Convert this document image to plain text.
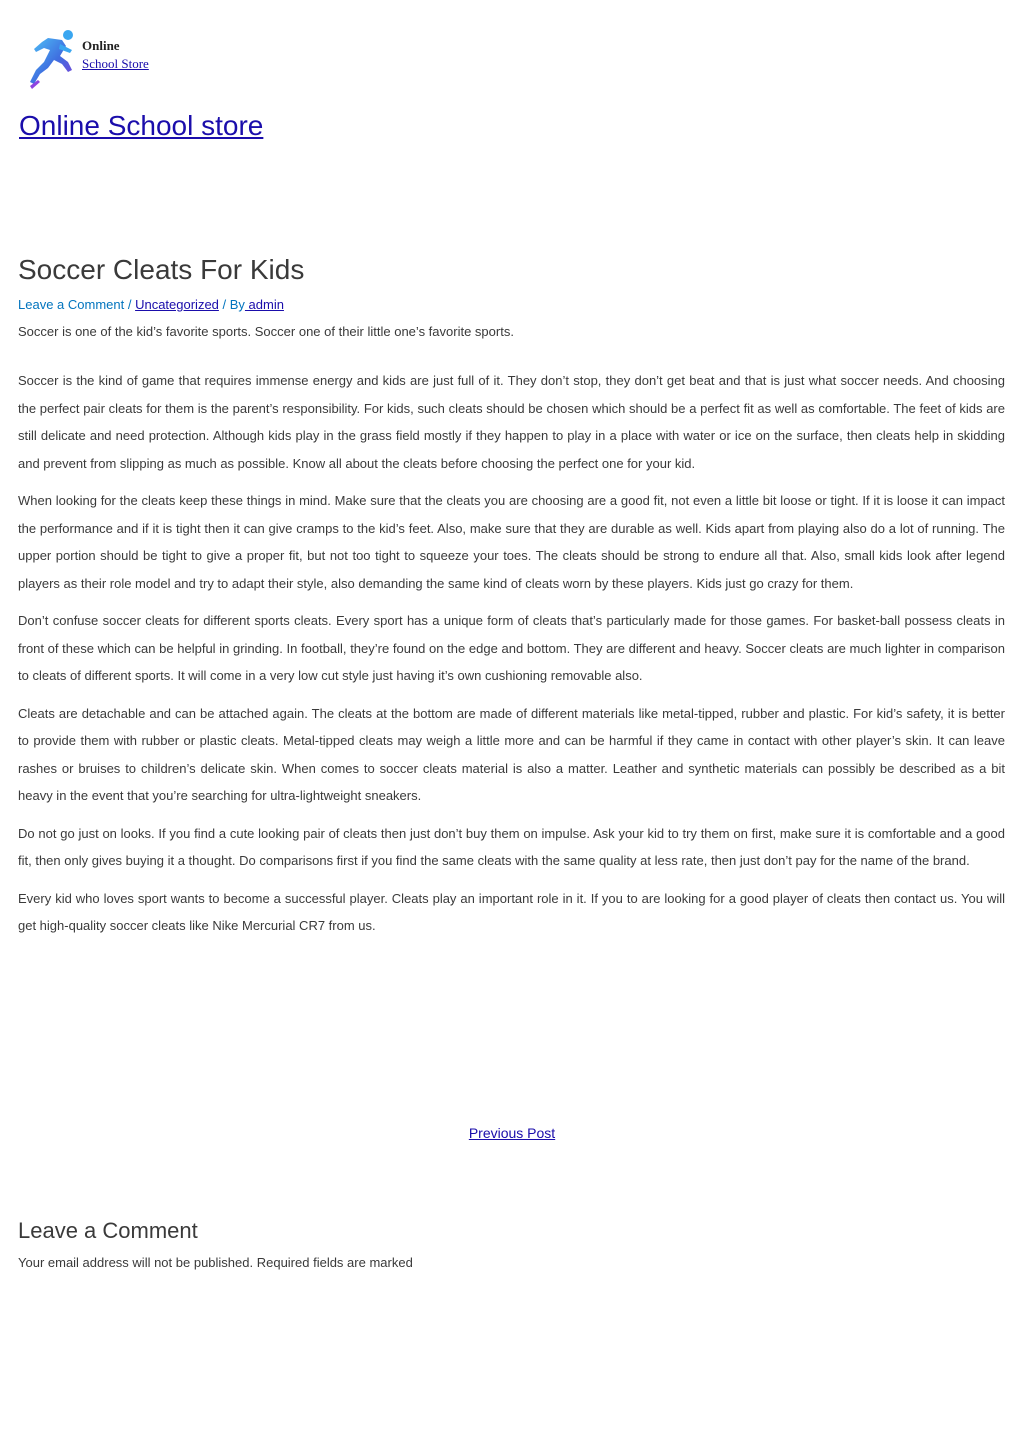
Online
School Store
Online School store
Soccer Cleats For Kids
Leave a Comment / Uncategorized / By admin

Soccer is one of the kid’s favorite sports. Soccer one of their little one’s favorite sports.

Soccer is the kind of game that requires immense energy and kids are just full of it. They don’t stop, they don’t get beat and that is just what soccer needs. And choosing the perfect pair cleats for them is the parent’s responsibility. For kids, such cleats should be chosen which should be a perfect fit as well as comfortable. The feet of kids are still delicate and need protection. Although kids play in the grass field mostly if they happen to play in a place with water or ice on the surface, then cleats help in skidding and prevent from slipping as much as possible. Know all about the cleats before choosing the perfect one for your kid.

When looking for the cleats keep these things in mind. Make sure that the cleats you are choosing are a good fit, not even a little bit loose or tight. If it is loose it can impact the performance and if it is tight then it can give cramps to the kid’s feet. Also, make sure that they are durable as well. Kids apart from playing also do a lot of running. The upper portion should be tight to give a proper fit, but not too tight to squeeze your toes. The cleats should be strong to endure all that. Also, small kids look after legend players as their role model and try to adapt their style, also demanding the same kind of cleats worn by these players. Kids just go crazy for them.

Don’t confuse soccer cleats for different sports cleats. Every sport has a unique form of cleats that’s particularly made for those games. For basket-ball possess cleats in front of these which can be helpful in grinding. In football, they’re found on the edge and bottom. They are different and heavy. Soccer cleats are much lighter in comparison to cleats of different sports. It will come in a very low cut style just having it’s own cushioning removable also.

Cleats are detachable and can be attached again. The cleats at the bottom are made of different materials like metal-tipped, rubber and plastic. For kid’s safety, it is better to provide them with rubber or plastic cleats. Metal-tipped cleats may weigh a little more and can be harmful if they came in contact with other player’s skin. It can leave rashes or bruises to children’s delicate skin. When comes to soccer cleats material is also a matter. Leather and synthetic materials can possibly be described as a bit heavy in the event that you’re searching for ultra-lightweight sneakers.

Do not go just on looks. If you find a cute looking pair of cleats then just don’t buy them on impulse. Ask your kid to try them on first, make sure it is comfortable and a good fit, then only gives buying it a thought. Do comparisons first if you find the same cleats with the same quality at less rate, then just don’t pay for the name of the brand.

Every kid who loves sport wants to become a successful player. Cleats play an important role in it. If you to are looking for a good player of cleats then contact us. You will get high-quality soccer cleats like Nike Mercurial CR7 from us.

Previous Post
Leave a Comment

Your email address will not be published. Required fields are marked
